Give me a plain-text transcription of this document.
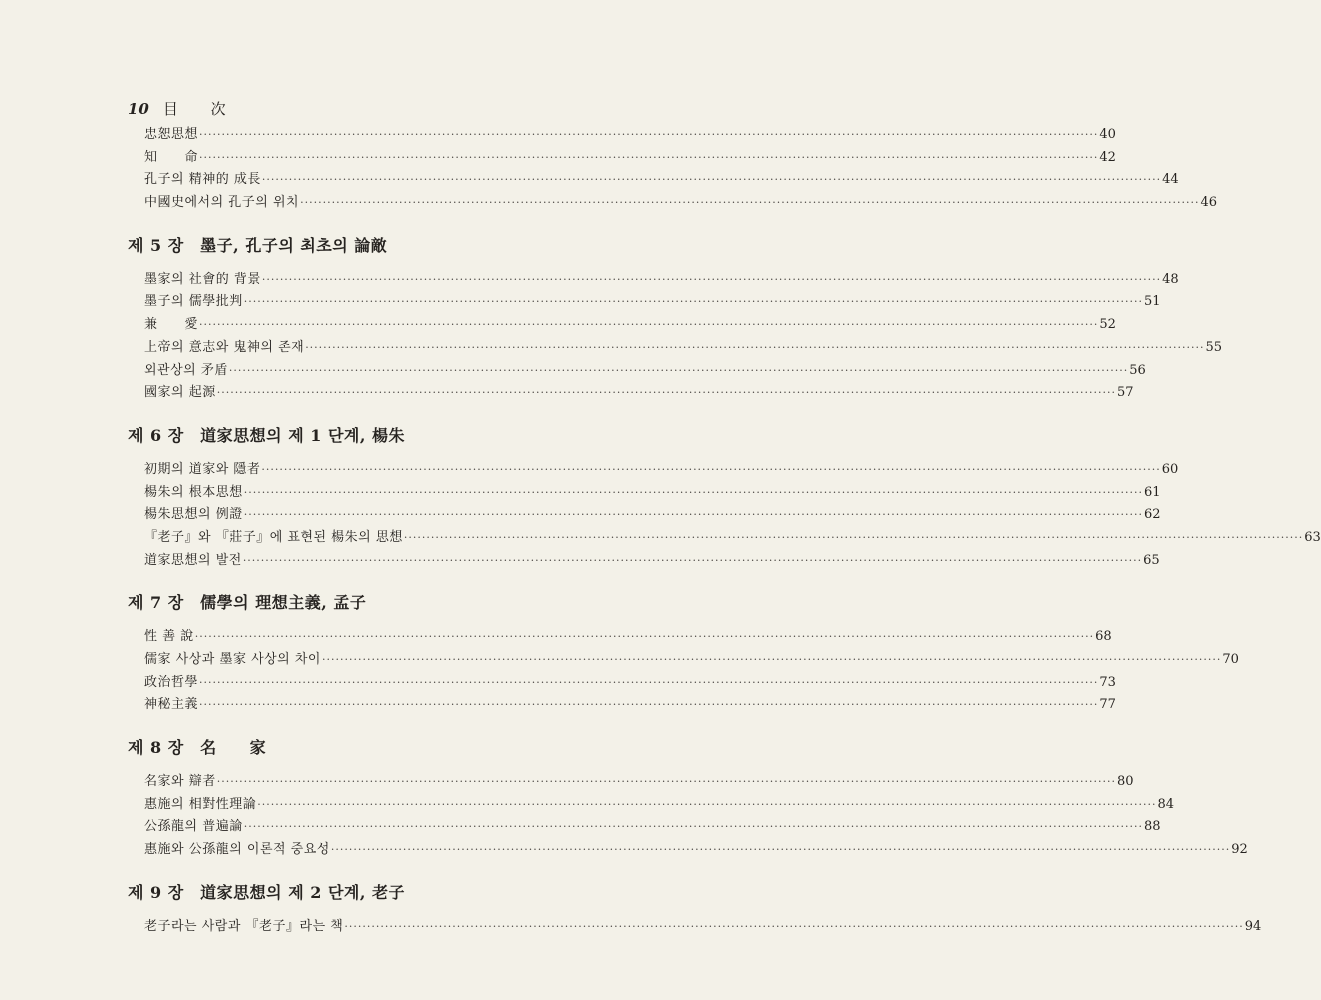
10 目 次
忠恕思想 ········································································································································································································ 40
知　　命 ········································································································································································································ 42
孔子의 精神的 成長 ········································································································································································································ 44
中國史에서의 孔子의 위치 ········································································································································································································ 46
제 5 장　墨子, 孔子의 최초의 論敵
墨家의 社會的 背景 ········································································································································································································ 48
墨子의 儒學批判 ········································································································································································································ 51
兼　　愛 ········································································································································································································ 52
上帝의 意志와 鬼神의 존재 ········································································································································································································ 55
외관상의 矛盾 ········································································································································································································ 56
國家의 起源 ········································································································································································································ 57
제 6 장　道家思想의 제 1 단계, 楊朱
初期의 道家와 隱者 ········································································································································································································ 60
楊朱의 根本思想 ········································································································································································································ 61
楊朱思想의 例證 ········································································································································································································ 62
『老子』와 『莊子』에 표현된 楊朱의 思想 ········································································································································································································ 63
道家思想의 발전 ········································································································································································································ 65
제 7 장　儒學의 理想主義, 孟子
性 善 說 ········································································································································································································ 68
儒家 사상과 墨家 사상의 차이 ········································································································································································································ 70
政治哲學 ········································································································································································································ 73
神秘主義 ········································································································································································································ 77
제 8 장　名　　家
名家와 辯者 ········································································································································································································ 80
惠施의 相對性理論 ········································································································································································································ 84
公孫龍의 普遍論 ········································································································································································································ 88
惠施와 公孫龍의 이론적 중요성 ········································································································································································································ 92
제 9 장　道家思想의 제 2 단계, 老子
老子라는 사람과 『老子』라는 책 ········································································································································································································ 94
